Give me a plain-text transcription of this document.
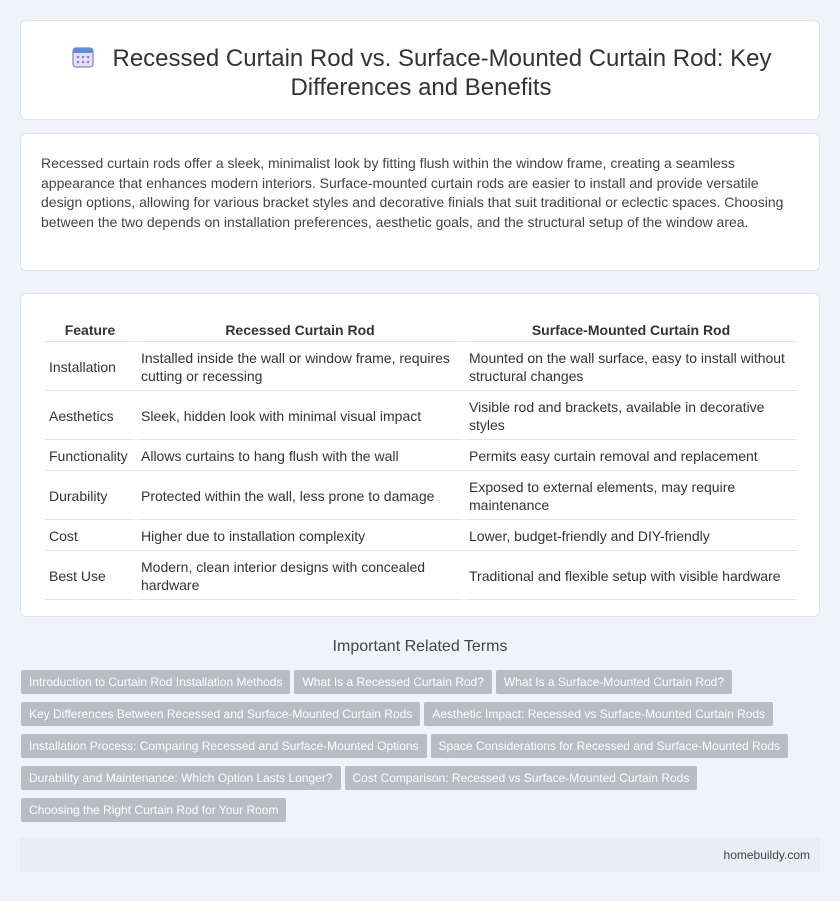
Recessed Curtain Rod vs. Surface-Mounted Curtain Rod: Key Differences and Benefits

Recessed curtain rods offer a sleek, minimalist look by fitting flush within the window frame, creating a seamless appearance that enhances modern interiors. Surface-mounted curtain rods are easier to install and provide versatile design options, allowing for various bracket styles and decorative finials that suit traditional or eclectic spaces. Choosing between the two depends on installation preferences, aesthetic goals, and the structural setup of the window area.

Feature	Recessed Curtain Rod	Surface-Mounted Curtain Rod
Installation	Installed inside the wall or window frame, requires cutting or recessing	Mounted on the wall surface, easy to install without structural changes
Aesthetics	Sleek, hidden look with minimal visual impact	Visible rod and brackets, available in decorative styles
Functionality	Allows curtains to hang flush with the wall	Permits easy curtain removal and replacement
Durability	Protected within the wall, less prone to damage	Exposed to external elements, may require maintenance
Cost	Higher due to installation complexity	Lower, budget-friendly and DIY-friendly
Best Use	Modern, clean interior designs with concealed hardware	Traditional and flexible setup with visible hardware
Important Related Terms
Introduction to Curtain Rod Installation Methods What Is a Recessed Curtain Rod? What Is a Surface-Mounted Curtain Rod?
Key Differences Between Recessed and Surface-Mounted Curtain Rods Aesthetic Impact: Recessed vs Surface-Mounted Curtain Rods
Installation Process: Comparing Recessed and Surface-Mounted Options Space Considerations for Recessed and Surface-Mounted Rods
Durability and Maintenance: Which Option Lasts Longer? Cost Comparison: Recessed vs Surface-Mounted Curtain Rods
Choosing the Right Curtain Rod for Your Room
homebuildy.com
